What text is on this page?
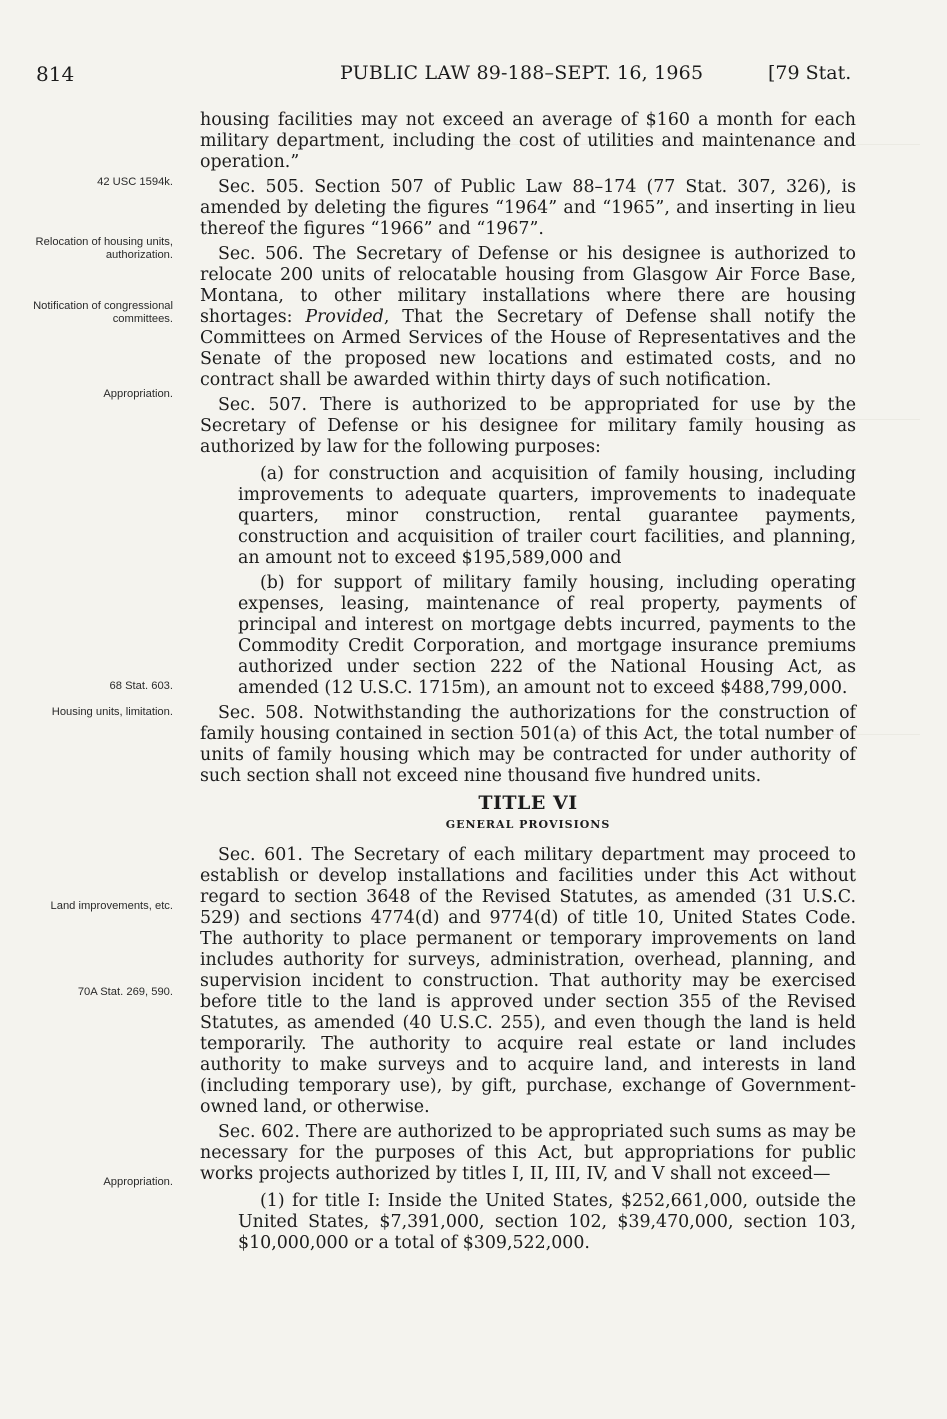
814	PUBLIC LAW 89-188–SEPT. 16, 1965	[79 Stat.
42 USC 1594k.
Relocation of housing units, authorization.
Notification of congressional committees.
Appropriation.
68 Stat. 603.
Housing units, limitation.
Land improvements, etc.
70A Stat. 269, 590.
Appropriation.

housing facilities may not exceed an average of $160 a month for each military department, including the cost of utilities and maintenance and operation.”

Sec. 505. Section 507 of Public Law 88–174 (77 Stat. 307, 326), is amended by deleting the figures “1964” and “1965”, and inserting in lieu thereof the figures “1966” and “1967”.

Sec. 506. The Secretary of Defense or his designee is authorized to relocate 200 units of relocatable housing from Glasgow Air Force Base, Montana, to other military installations where there are housing shortages: Provided, That the Secretary of Defense shall notify the Committees on Armed Services of the House of Representatives and the Senate of the proposed new locations and estimated costs, and no contract shall be awarded within thirty days of such notification.

Sec. 507. There is authorized to be appropriated for use by the Secretary of Defense or his designee for military family housing as authorized by law for the following purposes:

(a) for construction and acquisition of family housing, including improvements to adequate quarters, improvements to inadequate quarters, minor construction, rental guarantee payments, construction and acquisition of trailer court facilities, and planning, an amount not to exceed $195,589,000 and

(b) for support of military family housing, including operating expenses, leasing, maintenance of real property, payments of principal and interest on mortgage debts incurred, payments to the Commodity Credit Corporation, and mortgage insurance premiums authorized under section 222 of the National Housing Act, as amended (12 U.S.C. 1715m), an amount not to exceed $488,799,000.

Sec. 508. Notwithstanding the authorizations for the construction of family housing contained in section 501(a) of this Act, the total number of units of family housing which may be contracted for under authority of such section shall not exceed nine thousand five hundred units.

TITLE VI

GENERAL PROVISIONS

Sec. 601. The Secretary of each military department may proceed to establish or develop installations and facilities under this Act without regard to section 3648 of the Revised Statutes, as amended (31 U.S.C. 529) and sections 4774(d) and 9774(d) of title 10, United States Code. The authority to place permanent or temporary improvements on land includes authority for surveys, administration, overhead, planning, and supervision incident to construction. That authority may be exercised before title to the land is approved under section 355 of the Revised Statutes, as amended (40 U.S.C. 255), and even though the land is held temporarily. The authority to acquire real estate or land includes authority to make surveys and to acquire land, and interests in land (including temporary use), by gift, purchase, exchange of Government-owned land, or otherwise.

Sec. 602. There are authorized to be appropriated such sums as may be necessary for the purposes of this Act, but appropriations for public works projects authorized by titles I, II, III, IV, and V shall not exceed—

(1) for title I: Inside the United States, $252,661,000, outside the United States, $7,391,000, section 102, $39,470,000, section 103, $10,000,000 or a total of $309,522,000.
